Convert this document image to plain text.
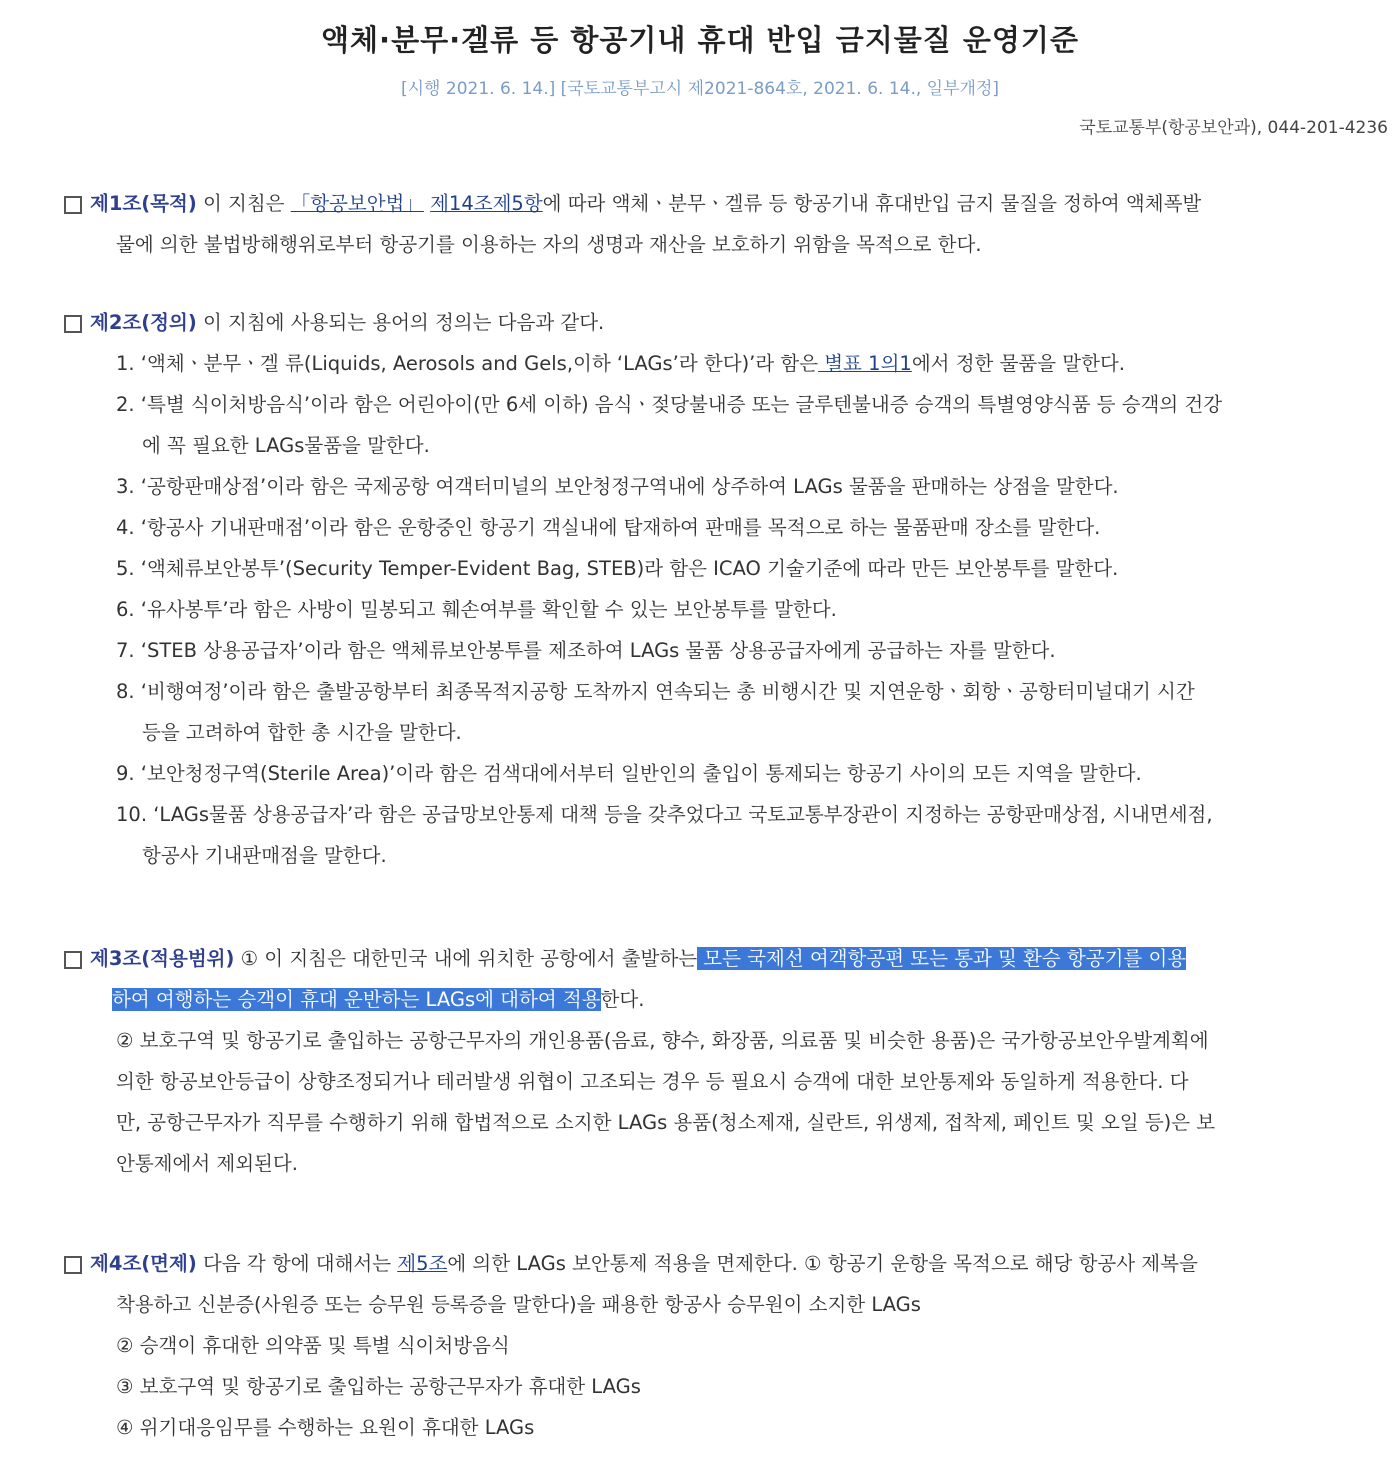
액체·분무·겔류 등 항공기내 휴대 반입 금지물질 운영기준
[시행 2021. 6. 14.] [국토교통부고시 제2021-864호, 2021. 6. 14., 일부개정]
국토교통부(항공보안과), 044-201-4236
제1조(목적) 이 지침은 「항공보안법」 제14조제5항에 따라 액체ㆍ분무ㆍ겔류 등 항공기내 휴대반입 금지 물질을 정하여 액체폭발
물에 의한 불법방해행위로부터 항공기를 이용하는 자의 생명과 재산을 보호하기 위함을 목적으로 한다.
제2조(정의) 이 지침에 사용되는 용어의 정의는 다음과 같다.
1. ‘액체ㆍ분무ㆍ겔 류(Liquids, Aerosols and Gels,이하 ‘LAGs’라 한다)’라 함은 별표 1의1에서 정한 물품을 말한다.
2. ‘특별 식이처방음식’이라 함은 어린아이(만 6세 이하) 음식ㆍ젖당불내증 또는 글루텐불내증 승객의 특별영양식품 등 승객의 건강
에 꼭 필요한 LAGs물품을 말한다.
3. ‘공항판매상점’이라 함은 국제공항 여객터미널의 보안청정구역내에 상주하여 LAGs 물품을 판매하는 상점을 말한다.
4. ‘항공사 기내판매점’이라 함은 운항중인 항공기 객실내에 탑재하여 판매를 목적으로 하는 물품판매 장소를 말한다.
5. ‘액체류보안봉투’(Security Temper-Evident Bag, STEB)라 함은 ICAO 기술기준에 따라 만든 보안봉투를 말한다.
6. ‘유사봉투’라 함은 사방이 밀봉되고 훼손여부를 확인할 수 있는 보안봉투를 말한다.
7. ‘STEB 상용공급자’이라 함은 액체류보안봉투를 제조하여 LAGs 물품 상용공급자에게 공급하는 자를 말한다.
8. ‘비행여정’이라 함은 출발공항부터 최종목적지공항 도착까지 연속되는 총 비행시간 및 지연운항ㆍ회항ㆍ공항터미널대기 시간
등을 고려하여 합한 총 시간을 말한다.
9. ‘보안청정구역(Sterile Area)’이라 함은 검색대에서부터 일반인의 출입이 통제되는 항공기 사이의 모든 지역을 말한다.
10. ‘LAGs물품 상용공급자’라 함은 공급망보안통제 대책 등을 갖추었다고 국토교통부장관이 지정하는 공항판매상점, 시내면세점,
항공사 기내판매점을 말한다.
제3조(적용범위) ① 이 지침은 대한민국 내에 위치한 공항에서 출발하는 모든 국제선 여객항공편 또는 통과 및 환승 항공기를 이용
하여 여행하는 승객이 휴대 운반하는 LAGs에 대하여 적용한다.
② 보호구역 및 항공기로 출입하는 공항근무자의 개인용품(음료, 향수, 화장품, 의료품 및 비슷한 용품)은 국가항공보안우발계획에
의한 항공보안등급이 상향조정되거나 테러발생 위협이 고조되는 경우 등 필요시 승객에 대한 보안통제와 동일하게 적용한다. 다
만, 공항근무자가 직무를 수행하기 위해 합법적으로 소지한 LAGs 용품(청소제재, 실란트, 위생제, 접착제, 페인트 및 오일 등)은 보
안통제에서 제외된다.
제4조(면제) 다음 각 항에 대해서는 제5조에 의한 LAGs 보안통제 적용을 면제한다. ① 항공기 운항을 목적으로 해당 항공사 제복을
착용하고 신분증(사원증 또는 승무원 등록증을 말한다)을 패용한 항공사 승무원이 소지한 LAGs
② 승객이 휴대한 의약품 및 특별 식이처방음식
③ 보호구역 및 항공기로 출입하는 공항근무자가 휴대한 LAGs
④ 위기대응임무를 수행하는 요원이 휴대한 LAGs
